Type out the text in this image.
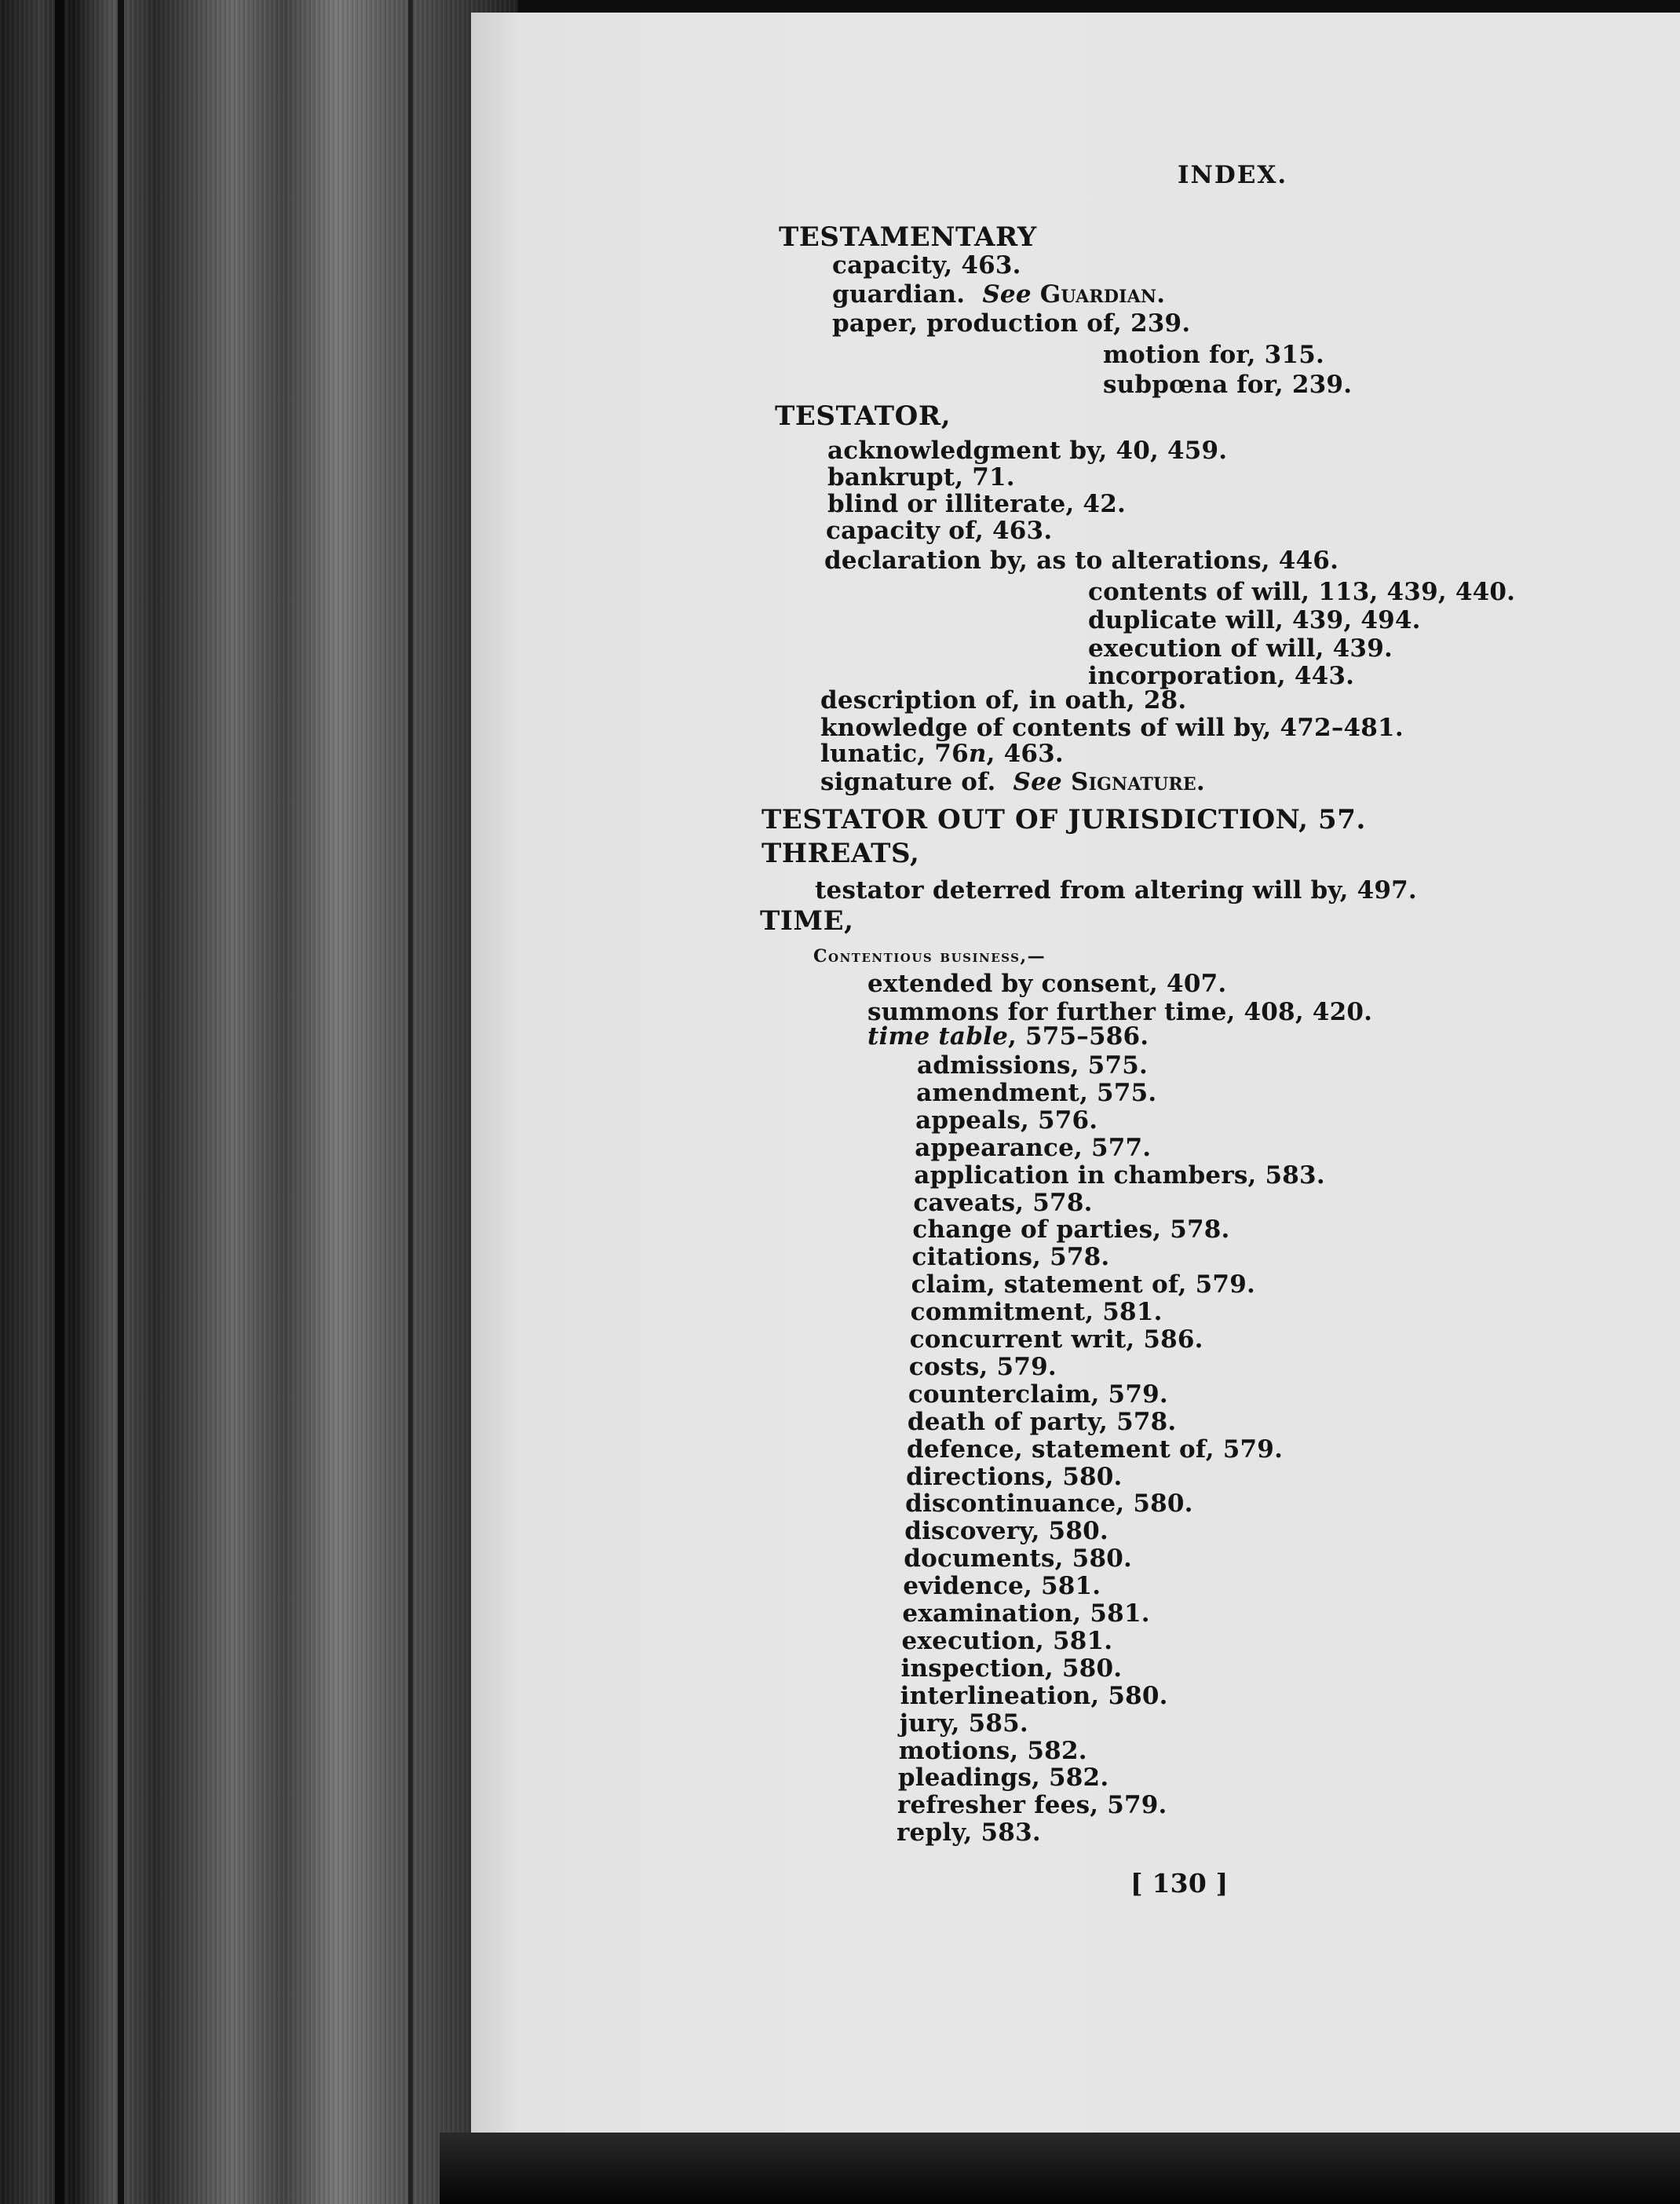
INDEX.
TESTAMENTARY
capacity, 463.
guardian. See Guardian.
paper, production of, 239.
motion for, 315.
subpœna for, 239.
TESTATOR,
acknowledgment by, 40, 459.
bankrupt, 71.
blind or illiterate, 42.
capacity of, 463.
declaration by, as to alterations, 446.
contents of will, 113, 439, 440.
duplicate will, 439, 494.
execution of will, 439.
incorporation, 443.
description of, in oath, 28.
knowledge of contents of will by, 472–481.
lunatic, 76n, 463.
signature of. See Signature.
TESTATOR OUT OF JURISDICTION, 57.
THREATS,
testator deterred from altering will by, 497.
TIME,
Contentious business,—
extended by consent, 407.
summons for further time, 408, 420.
time table, 575–586.
admissions, 575.
amendment, 575.
appeals, 576.
appearance, 577.
application in chambers, 583.
caveats, 578.
change of parties, 578.
citations, 578.
claim, statement of, 579.
commitment, 581.
concurrent writ, 586.
costs, 579.
counterclaim, 579.
death of party, 578.
defence, statement of, 579.
directions, 580.
discontinuance, 580.
discovery, 580.
documents, 580.
evidence, 581.
examination, 581.
execution, 581.
inspection, 580.
interlineation, 580.
jury, 585.
motions, 582.
pleadings, 582.
refresher fees, 579.
reply, 583.
[ 130 ]
